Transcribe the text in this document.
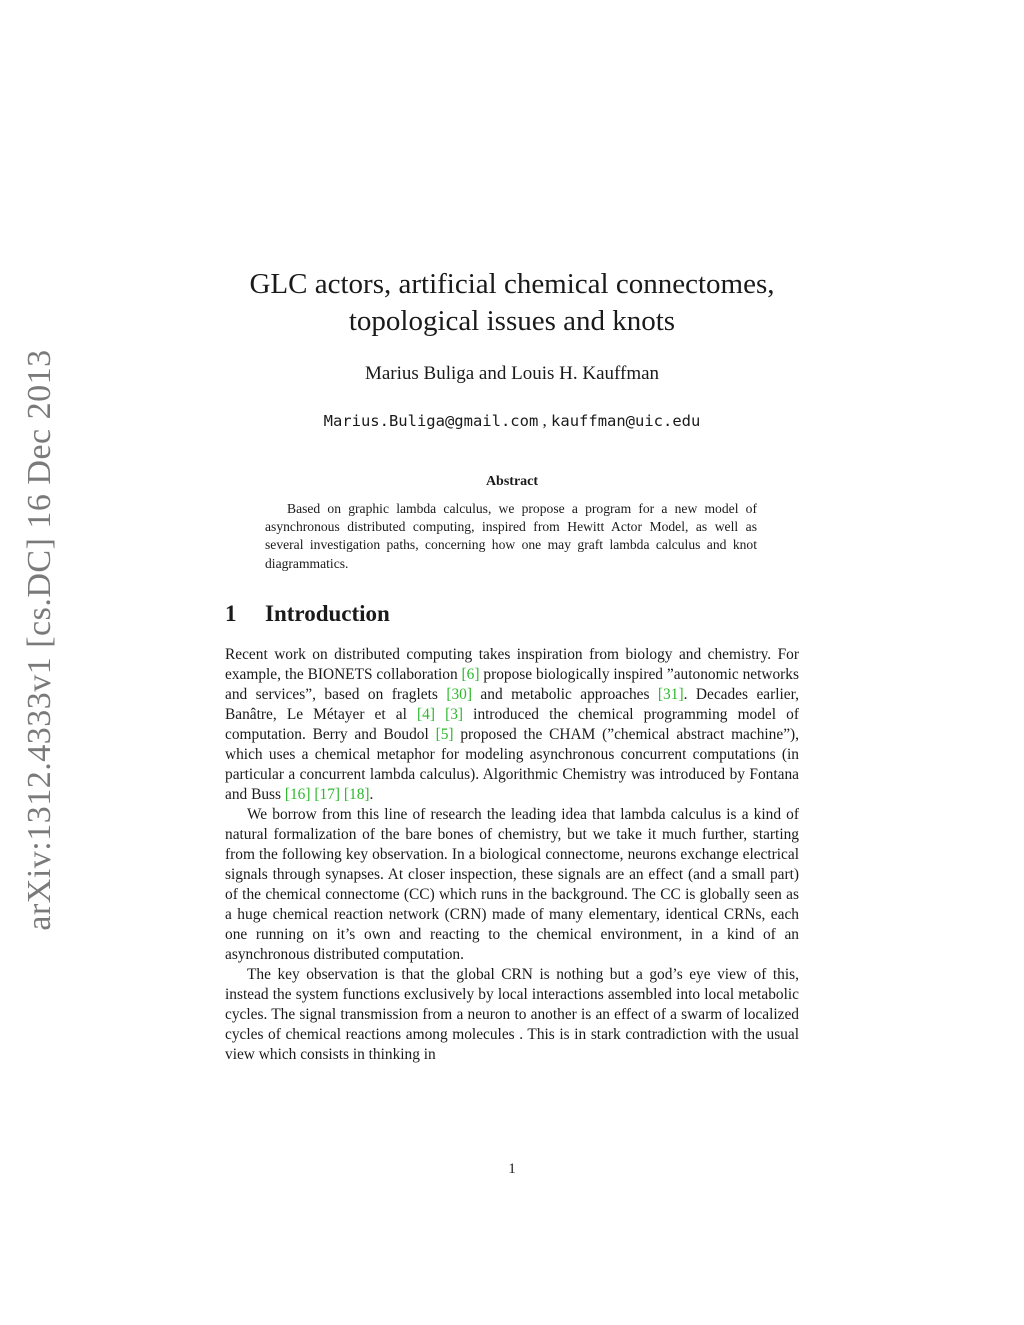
arXiv:1312.4333v1 [cs.DC] 16 Dec 2013
GLC actors, artificial chemical connectomes,
topological issues and knots
Marius Buliga and Louis H. Kauffman
Marius.Buliga@gmail.com , kauffman@uic.edu
Abstract

Based on graphic lambda calculus, we propose a program for a new model of asynchronous distributed computing, inspired from Hewitt Actor Model, as well as several investigation paths, concerning how one may graft lambda calculus and knot diagrammatics.

1 Introduction

Recent work on distributed computing takes inspiration from biology and chemistry. For example, the BIONETS collaboration [6] propose biologically inspired ”autonomic networks and services”, based on fraglets [30] and metabolic approaches [31]. Decades earlier, Banâtre, Le Métayer et al [4] [3] introduced the chemical programming model of computation. Berry and Boudol [5] proposed the CHAM (”chemical abstract machine”), which uses a chemical metaphor for modeling asynchronous concurrent computations (in particular a concurrent lambda calculus). Algorithmic Chemistry was introduced by Fontana and Buss [16] [17] [18].

We borrow from this line of research the leading idea that lambda calculus is a kind of natural formalization of the bare bones of chemistry, but we take it much further, starting from the following key observation. In a biological connectome, neurons exchange electrical signals through synapses. At closer inspection, these signals are an effect (and a small part) of the chemical connectome (CC) which runs in the background. The CC is globally seen as a huge chemical reaction network (CRN) made of many elementary, identical CRNs, each one running on it’s own and reacting to the chemical environment, in a kind of an asynchronous distributed computation.

The key observation is that the global CRN is nothing but a god’s eye view of this, instead the system functions exclusively by local interactions assembled into local metabolic cycles. The signal transmission from a neuron to another is an effect of a swarm of localized cycles of chemical reactions among molecules . This is in stark contradiction with the usual view which consists in thinking in

1
